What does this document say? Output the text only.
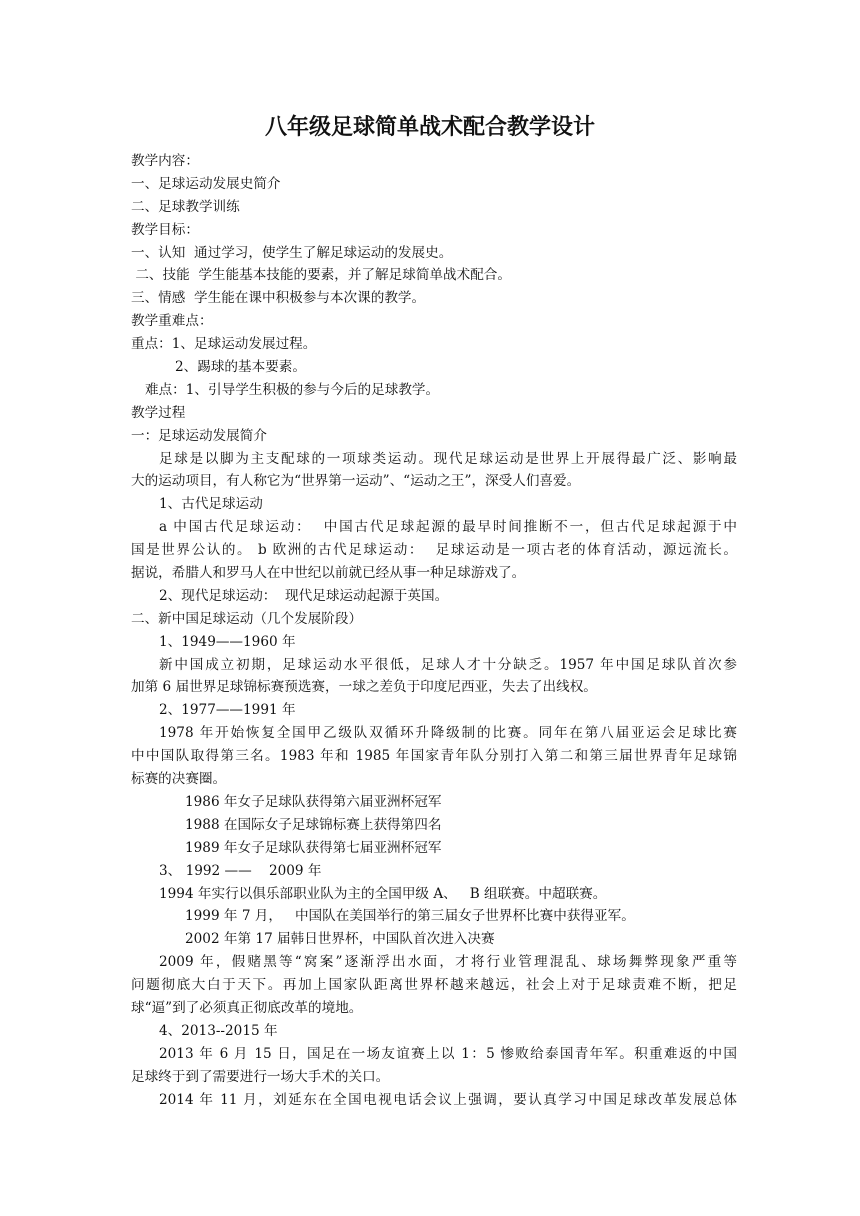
八年级足球简单战术配合教学设计
教学内容：
一、足球运动发展史简介
二、足球教学训练
教学目标：
一、认知  通过学习，使学生了解足球运动的发展史。
二、技能  学生能基本技能的要素，并了解足球简单战术配合。
三、情感  学生能在课中积极参与本次课的教学。
教学重难点：
重点：1、足球运动发展过程。
2、踢球的基本要素。
难点：1、引导学生积极的参与今后的足球教学。
教学过程
一：足球运动发展简介
足球是以脚为主支配球的一项球类运动。现代足球运动是世界上开展得最广泛、影响最
大的运动项目，有人称它为“世界第一运动”、“运动之王”，深受人们喜爱。
1、古代足球运动
a 中国古代足球运动：  中国古代足球起源的最早时间推断不一，但古代足球起源于中
国是世界公认的。 b 欧洲的古代足球运动：  足球运动是一项古老的体育活动，源远流长。
据说，希腊人和罗马人在中世纪以前就已经从事一种足球游戏了。
2、现代足球运动：  现代足球运动起源于英国。
二、新中国足球运动（几个发展阶段）
1、1949——1960 年
新中国成立初期，足球运动水平很低，足球人才十分缺乏。1957 年中国足球队首次参
加第 6 届世界足球锦标赛预选赛，一球之差负于印度尼西亚，失去了出线权。
2、1977——1991 年
1978 年开始恢复全国甲乙级队双循环升降级制的比赛。同年在第八届亚运会足球比赛
中中国队取得第三名。1983 年和 1985 年国家青年队分别打入第二和第三届世界青年足球锦
标赛的决赛圈。
1986 年女子足球队获得第六届亚洲杯冠军
1988 在国际女子足球锦标赛上获得第四名
1989 年女子足球队获得第七届亚洲杯冠军
3、 1992 ——    2009 年
1994 年实行以俱乐部职业队为主的全国甲级 A、   B 组联赛。中超联赛。
1999 年 7 月，   中国队在美国举行的第三届女子世界杯比赛中获得亚军。
2002 年第 17 届韩日世界杯，中国队首次进入决赛
2009 年，假赌黑等“窝案”逐渐浮出水面，才将行业管理混乱、球场舞弊现象严重等
问题彻底大白于天下。再加上国家队距离世界杯越来越远，社会上对于足球责难不断，把足
球“逼”到了必须真正彻底改革的境地。
4、2013--2015 年
2013 年 6 月 15 日，国足在一场友谊赛上以 1：5 惨败给泰国青年军。积重难返的中国
足球终于到了需要进行一场大手术的关口。
2014 年 11 月，刘延东在全国电视电话会议上强调，要认真学习中国足球改革发展总体
